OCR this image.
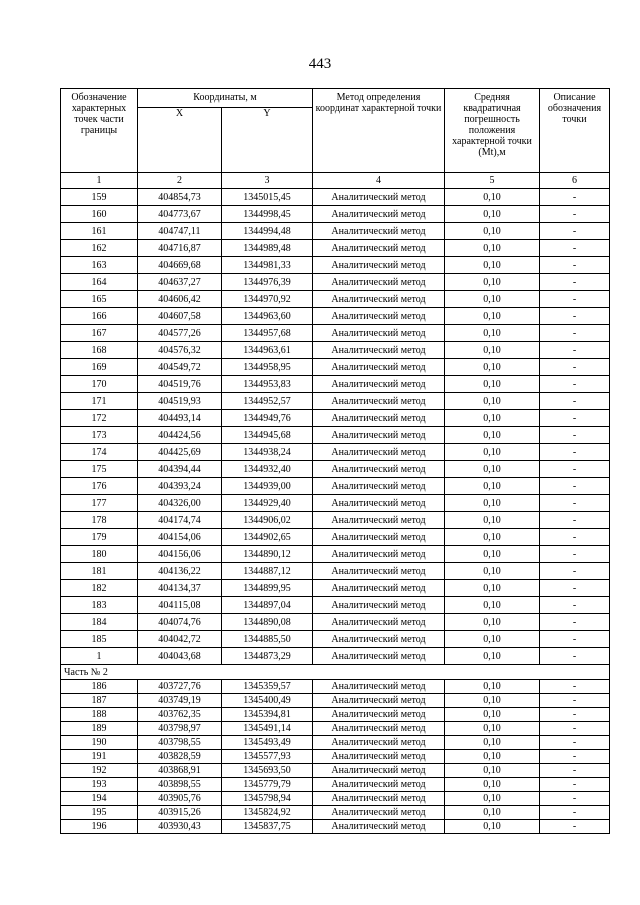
443
Обозначение характерных точек части границы	Координаты, м		Метод определения координат характерной точки	Средняя квадратичная погрешность положения характерной точки (Mt),м	Описание обозначения точки
	X	Y			
1	2	3	4	5	6
159	404854,73	1345015,45	Аналитический метод	0,10	-
160	404773,67	1344998,45	Аналитический метод	0,10	-
161	404747,11	1344994,48	Аналитический метод	0,10	-
162	404716,87	1344989,48	Аналитический метод	0,10	-
163	404669,68	1344981,33	Аналитический метод	0,10	-
164	404637,27	1344976,39	Аналитический метод	0,10	-
165	404606,42	1344970,92	Аналитический метод	0,10	-
166	404607,58	1344963,60	Аналитический метод	0,10	-
167	404577,26	1344957,68	Аналитический метод	0,10	-
168	404576,32	1344963,61	Аналитический метод	0,10	-
169	404549,72	1344958,95	Аналитический метод	0,10	-
170	404519,76	1344953,83	Аналитический метод	0,10	-
171	404519,93	1344952,57	Аналитический метод	0,10	-
172	404493,14	1344949,76	Аналитический метод	0,10	-
173	404424,56	1344945,68	Аналитический метод	0,10	-
174	404425,69	1344938,24	Аналитический метод	0,10	-
175	404394,44	1344932,40	Аналитический метод	0,10	-
176	404393,24	1344939,00	Аналитический метод	0,10	-
177	404326,00	1344929,40	Аналитический метод	0,10	-
178	404174,74	1344906,02	Аналитический метод	0,10	-
179	404154,06	1344902,65	Аналитический метод	0,10	-
180	404156,06	1344890,12	Аналитический метод	0,10	-
181	404136,22	1344887,12	Аналитический метод	0,10	-
182	404134,37	1344899,95	Аналитический метод	0,10	-
183	404115,08	1344897,04	Аналитический метод	0,10	-
184	404074,76	1344890,08	Аналитический метод	0,10	-
185	404042,72	1344885,50	Аналитический метод	0,10	-
1	404043,68	1344873,29	Аналитический метод	0,10	-
Часть № 2					
186	403727,76	1345359,57	Аналитический метод	0,10	-
187	403749,19	1345400,49	Аналитический метод	0,10	-
188	403762,35	1345394,81	Аналитический метод	0,10	-
189	403798,97	1345491,14	Аналитический метод	0,10	-
190	403798,55	1345493,49	Аналитический метод	0,10	-
191	403828,59	1345577,93	Аналитический метод	0,10	-
192	403868,91	1345693,50	Аналитический метод	0,10	-
193	403898,55	1345779,79	Аналитический метод	0,10	-
194	403905,76	1345798,94	Аналитический метод	0,10	-
195	403915,26	1345824,92	Аналитический метод	0,10	-
196	403930,43	1345837,75	Аналитический метод	0,10	-
